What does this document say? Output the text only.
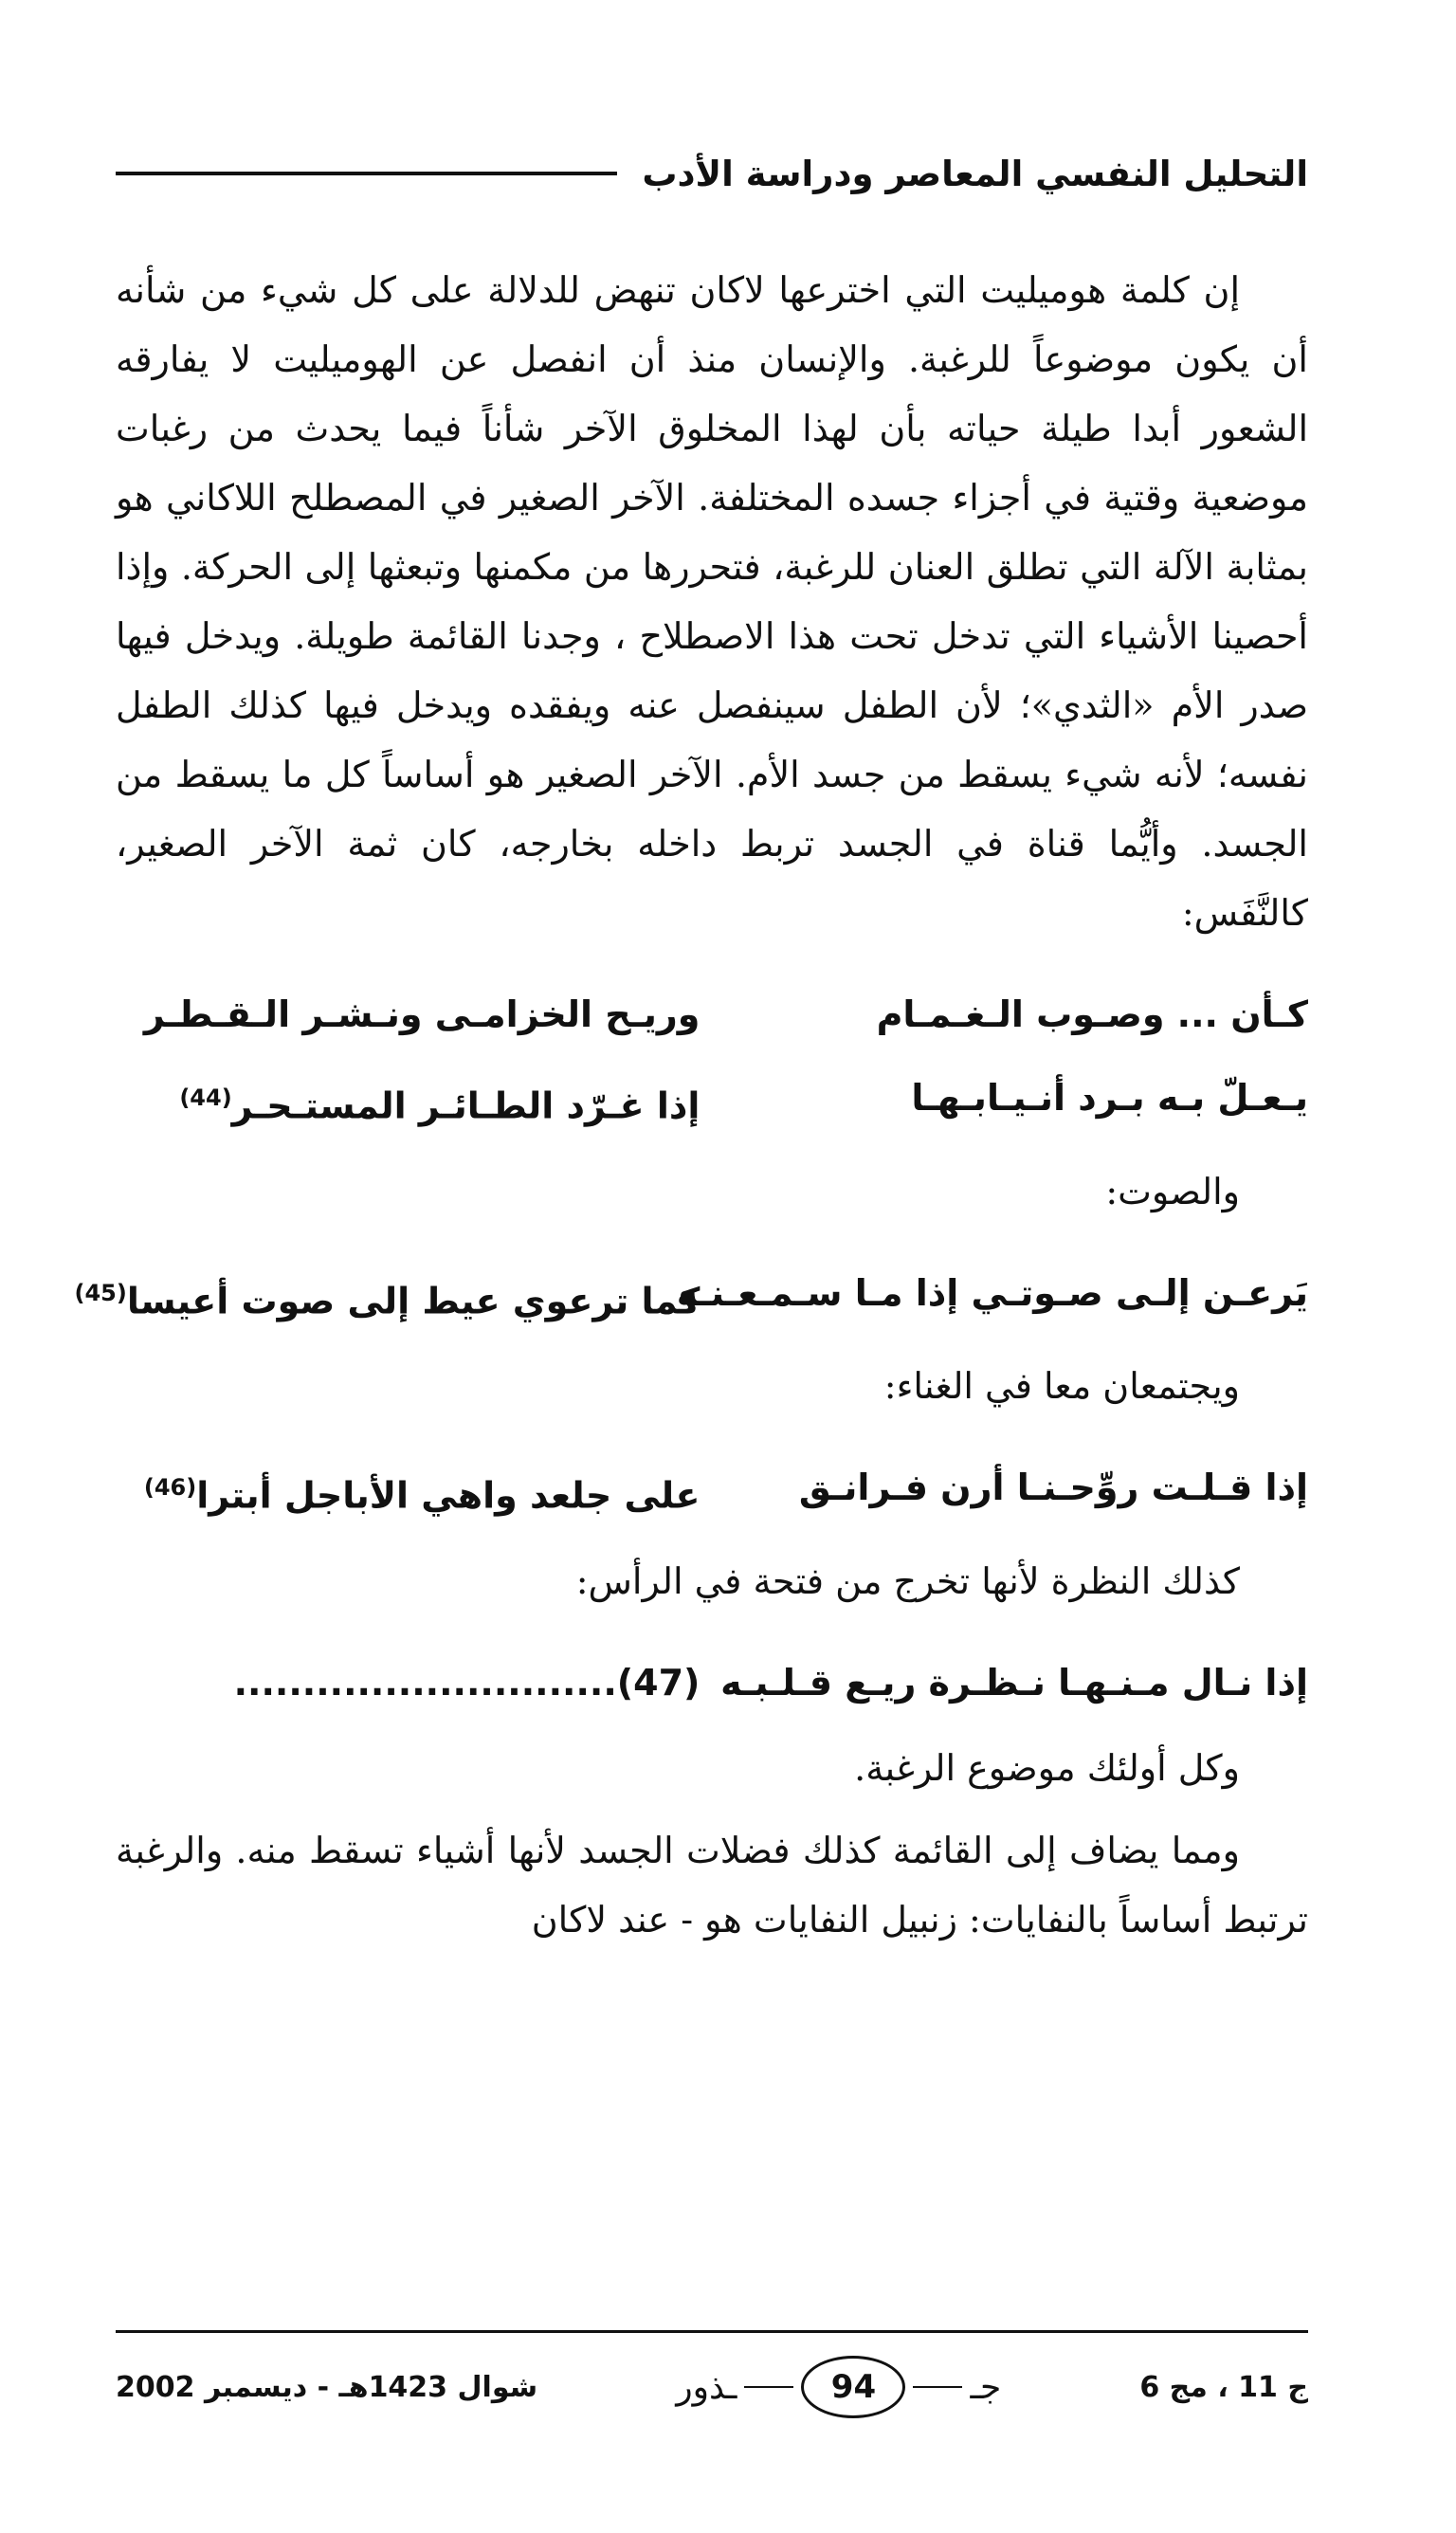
التحليل النفسي المعاصر ودراسة الأدب

إن كلمة هوميليت التي اخترعها لاكان تنهض للدلالة على كل شيء من شأنه أن يكون موضوعاً للرغبة. والإنسان منذ أن انفصل عن الهوميليت لا يفارقه الشعور أبدا طيلة حياته بأن لهذا المخلوق الآخر شأناً فيما يحدث من رغبات موضعية وقتية في أجزاء جسده المختلفة. الآخر الصغير في المصطلح اللاكاني هو بمثابة الآلة التي تطلق العنان للرغبة، فتحررها من مكمنها وتبعثها إلى الحركة. وإذا أحصينا الأشياء التي تدخل تحت هذا الاصطلاح ، وجدنا القائمة طويلة. ويدخل فيها صدر الأم «الثدي»؛ لأن الطفل سينفصل عنه ويفقده ويدخل فيها كذلك الطفل نفسه؛ لأنه شيء يسقط من جسد الأم. الآخر الصغير هو أساساً كل ما يسقط من الجسد. وأيُّما قناة في الجسد تربط داخله بخارجه، كان ثمة الآخر الصغير، كالنَّفَس:

كـأن ... وصـوب الـغـمـام
وريـح الخزامـى ونـشـر الـقـطـر
يـعـلّ بـه بـرد أنـيـابـهـا
إذا غـرّد الطـائـر المستـحـر$^{(44)}$

والصوت:

يَرعـن إلـى صـوتـي إذا مـا سـمـعـنـه
كما ترعوي عيط إلى صوت أعيسا$^{(45)}$

ويجتمعان معا في الغناء:

إذا قـلـت روِّحـنـا أرن فـرانـق
على جلعد واهي الأباجل أبترا$^{(46)}$

كذلك النظرة لأنها تخرج من فتحة في الرأس:

إذا نـال مـنـهـا نـظـرة ريـع قـلـبـه
(47)............................

وكل أولئك موضوع الرغبة.

ومما يضاف إلى القائمة كذلك فضلات الجسد لأنها أشياء تسقط منه. والرغبة ترتبط أساساً بالنفايات: زنبيل النفايات هو - عند لاكان

ج 11 ، مج 6
جـ
94
ـذور
شوال 1423هـ - ديسمبر 2002
